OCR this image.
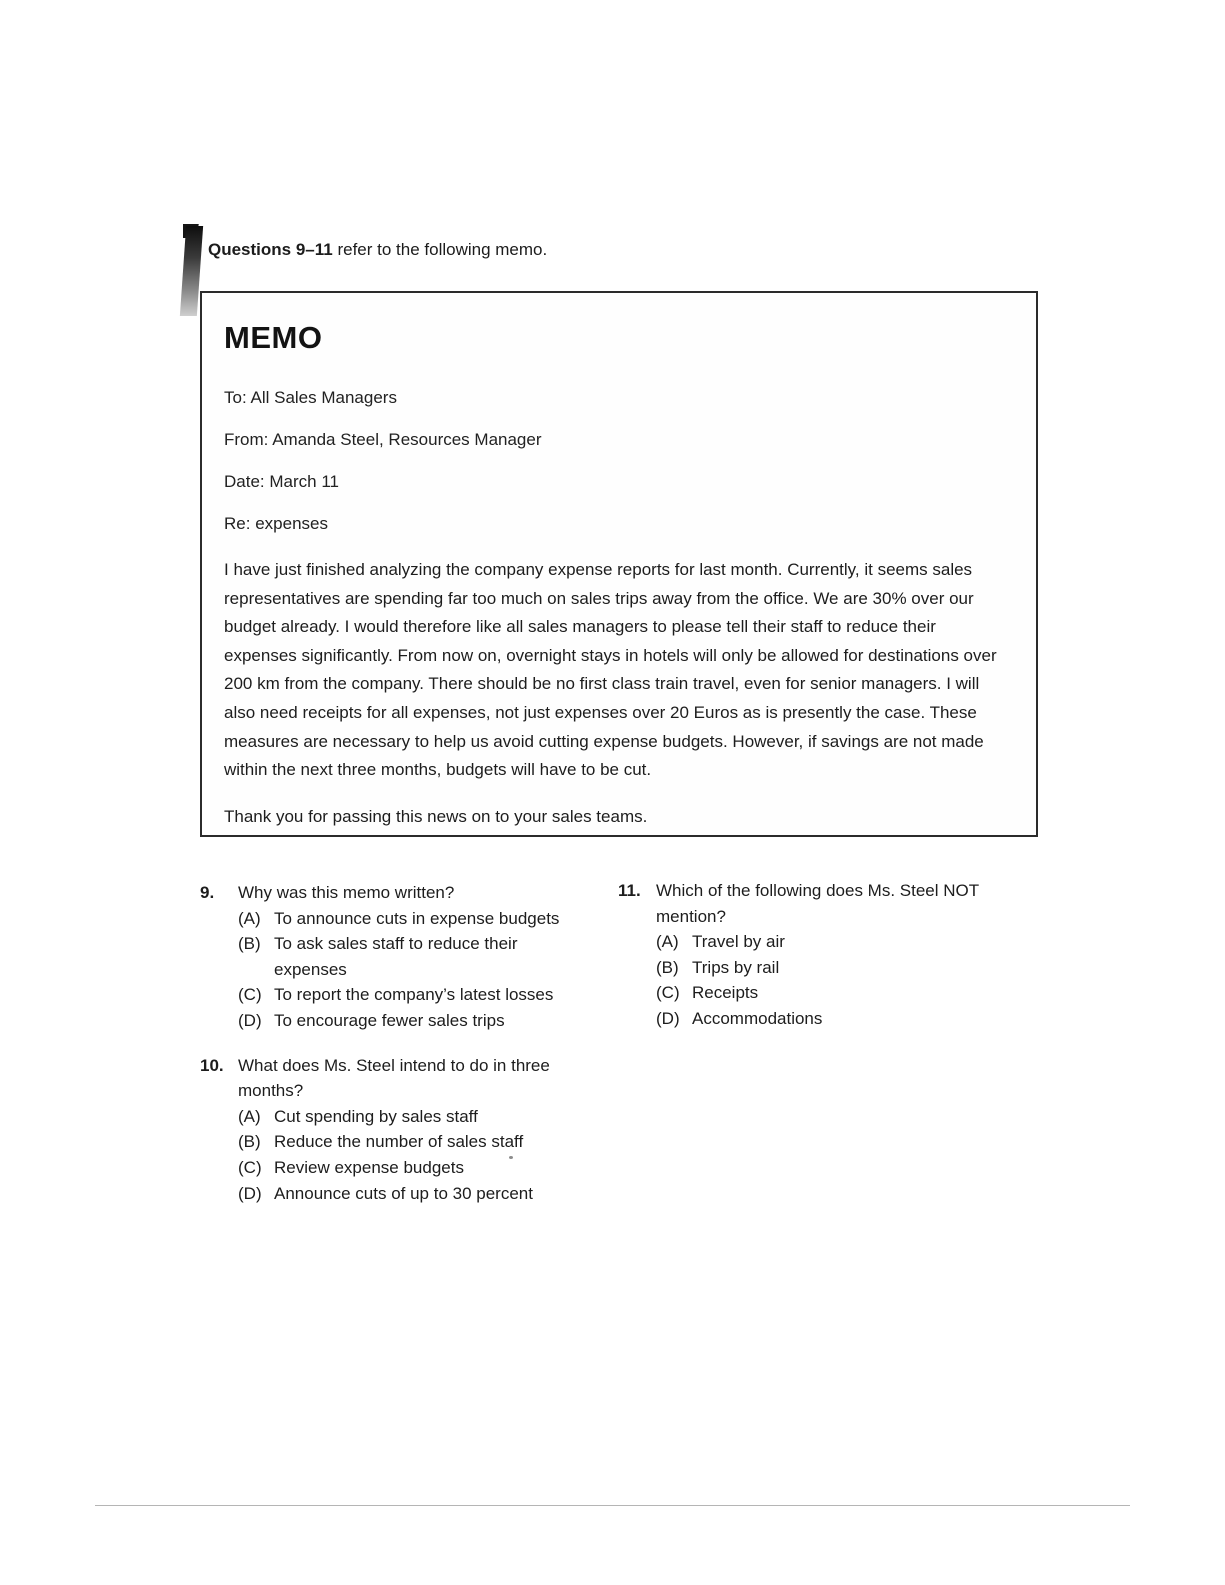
Questions 9–11 refer to the following memo.
MEMO
To: All Sales Managers
From: Amanda Steel, Resources Manager
Date: March 11
Re: expenses
I have just finished analyzing the company expense reports for last month. Currently, it seems sales representatives are spending far too much on sales trips away from the office. We are 30% over our budget already. I would therefore like all sales managers to please tell their staff to reduce their expenses significantly. From now on, overnight stays in hotels will only be allowed for destinations over 200 km from the company. There should be no first class train travel, even for senior managers. I will also need receipts for all expenses, not just expenses over 20 Euros as is presently the case. These measures are necessary to help us avoid cutting expense budgets. However, if savings are not made within the next three months, budgets will have to be cut.
Thank you for passing this news on to your sales teams.
9.	Why was this memo written?
(A) To announce cuts in expense budgets
(B) To ask sales staff to reduce their expenses
(C) To report the company’s latest losses
(D) To encourage fewer sales trips
10. What does Ms. Steel intend to do in three months?
(A) Cut spending by sales staff
(B) Reduce the number of sales staff
(C) Review expense budgets
(D) Announce cuts of up to 30 percent
11. Which of the following does Ms. Steel NOT mention?
(A) Travel by air
(B) Trips by rail
(C) Receipts
(D) Accommodations
